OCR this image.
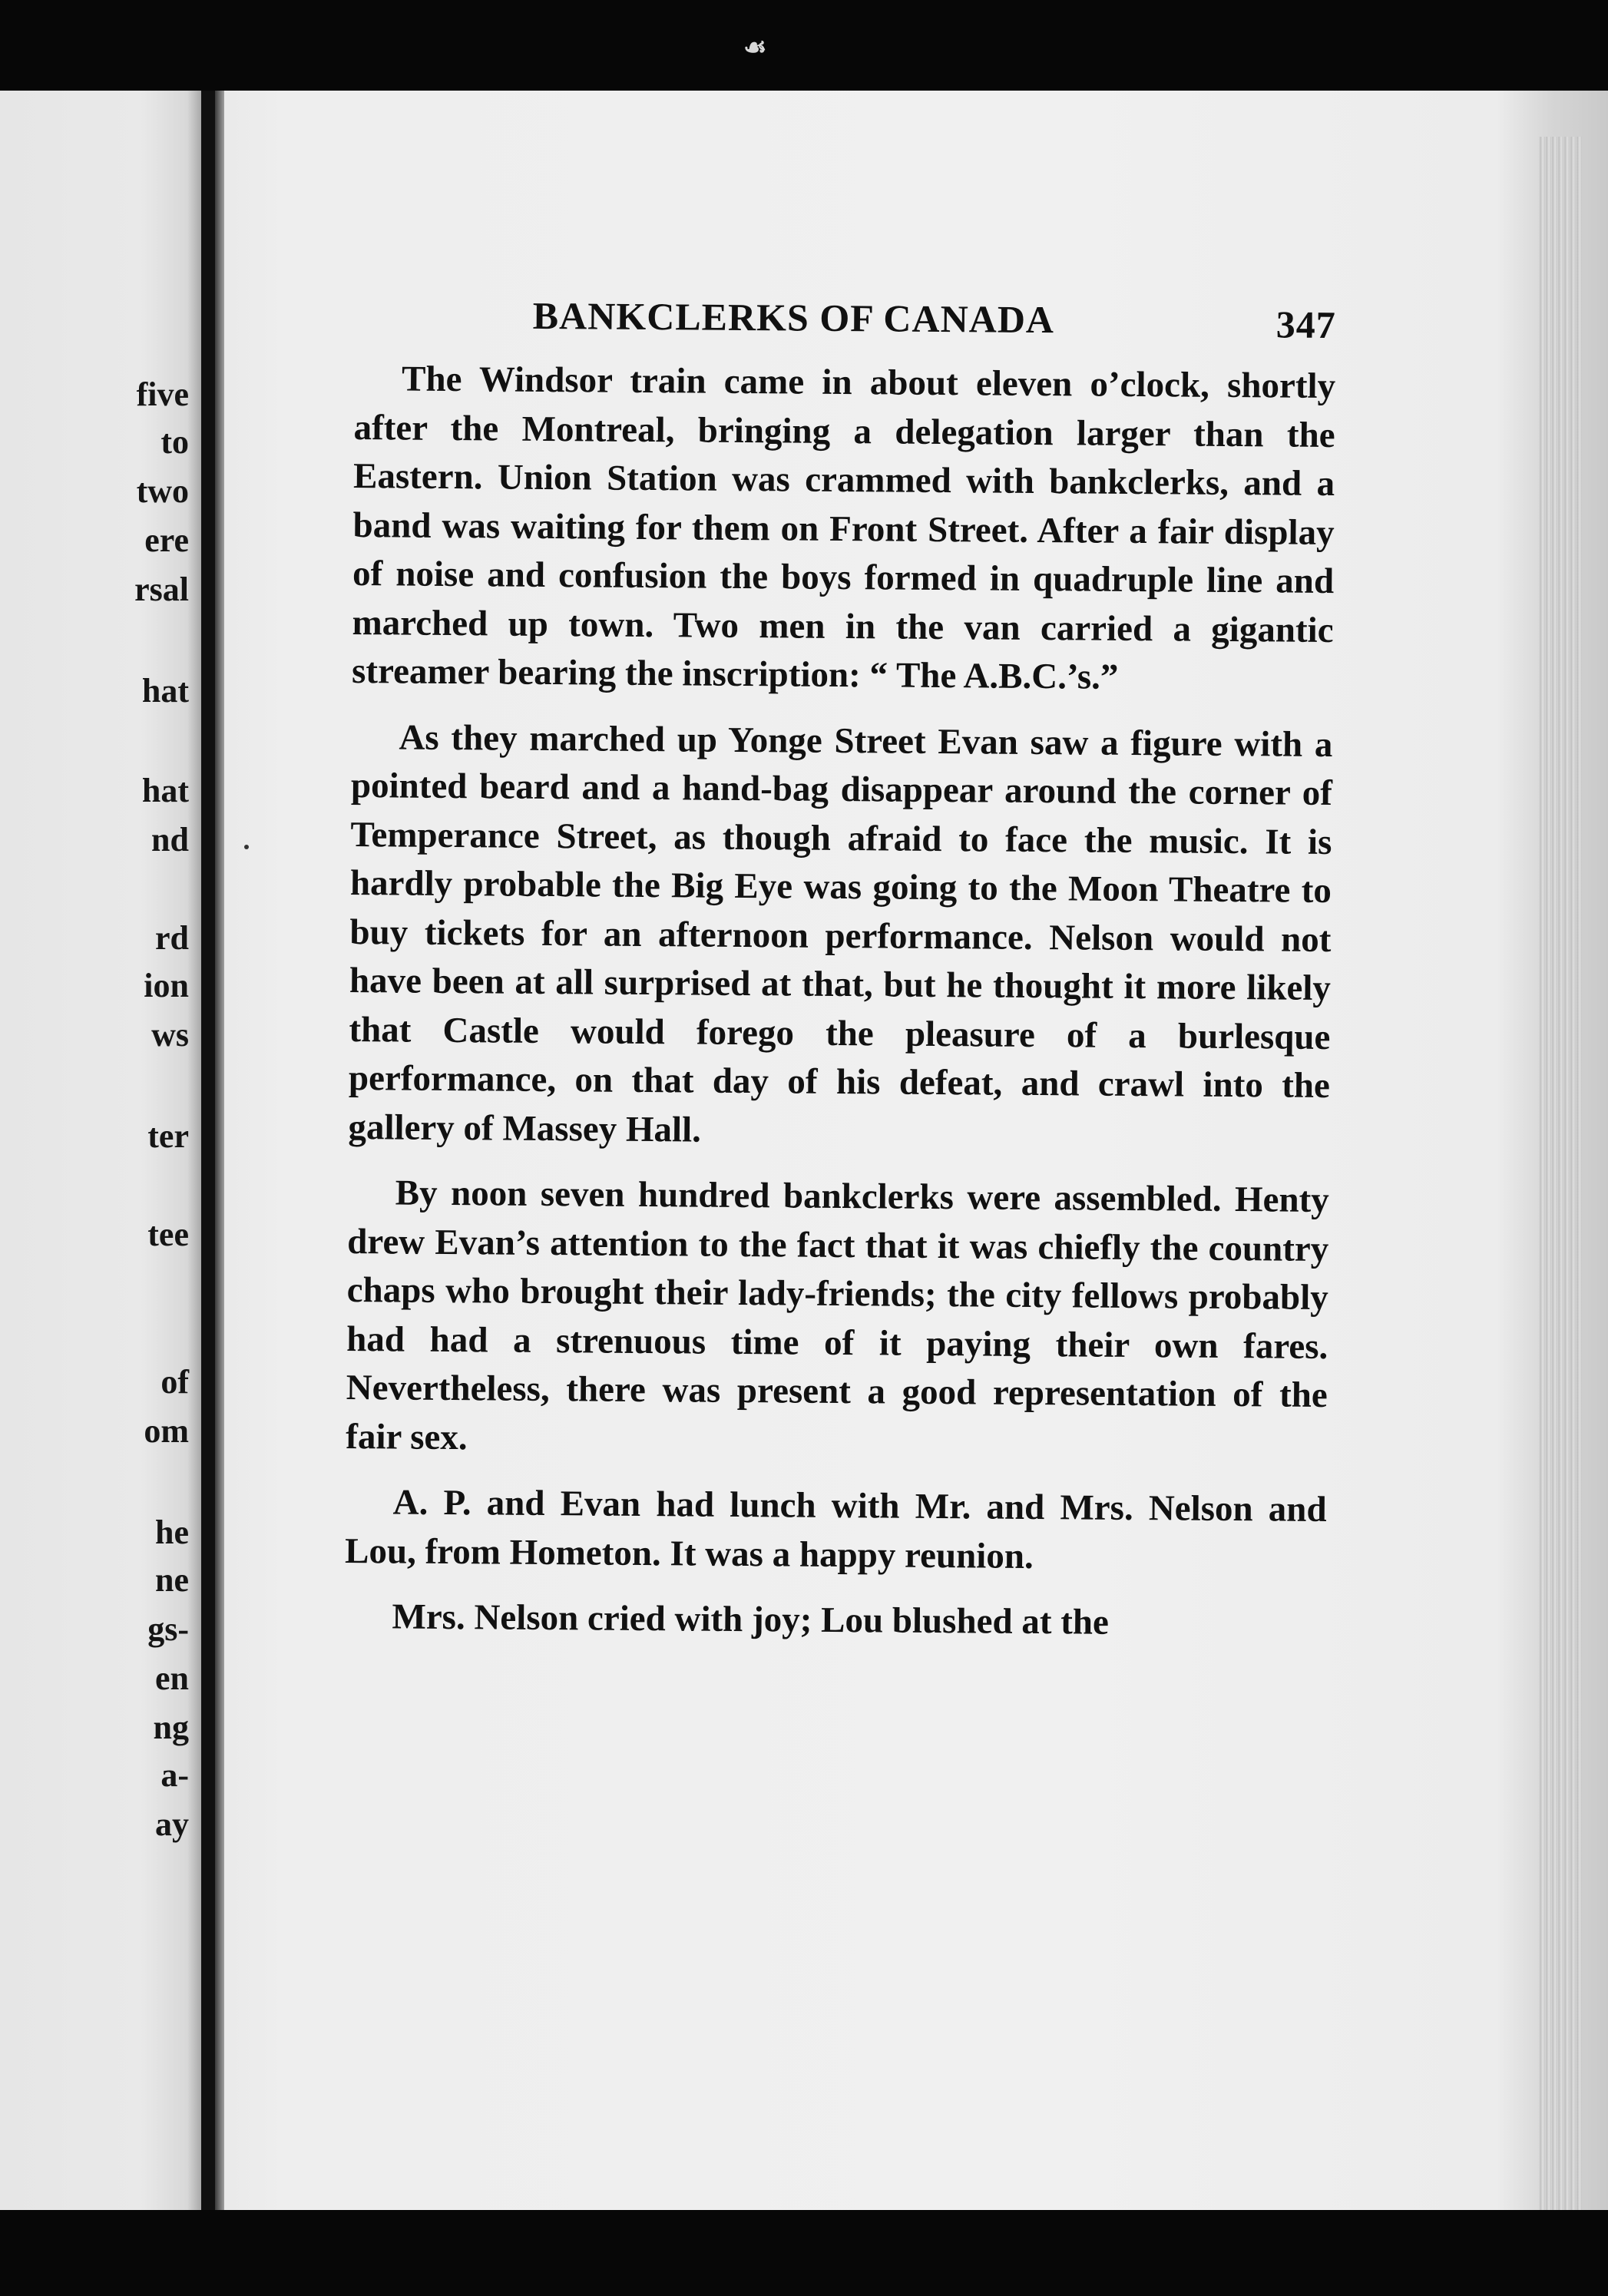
☙
five
to
two
ere
rsal
hat
hat
nd
rd
ion
ws
ter
tee
of
om
he
ne
gs-
en
ng
a-
ay
BANKCLERKS OF CANADA	347

The Windsor train came in about eleven o’clock, shortly after the Montreal, bringing a delegation larger than the Eastern. Union Station was crammed with bankclerks, and a band was waiting for them on Front Street. After a fair display of noise and confusion the boys formed in quadruple line and marched up town. Two men in the van carried a gigantic streamer bearing the inscription: “ The A.B.C.’s.”

As they marched up Yonge Street Evan saw a figure with a pointed beard and a hand-bag disappear around the corner of Temperance Street, as though afraid to face the music. It is hardly probable the Big Eye was going to the Moon Theatre to buy tickets for an afternoon performance. Nelson would not have been at all surprised at that, but he thought it more likely that Castle would forego the pleasure of a burlesque performance, on that day of his defeat, and crawl into the gallery of Massey Hall.

By noon seven hundred bankclerks were assembled. Henty drew Evan’s attention to the fact that it was chiefly the country chaps who brought their lady-friends; the city fellows probably had had a strenuous time of it paying their own fares. Nevertheless, there was present a good representation of the fair sex.

A. P. and Evan had lunch with Mr. and Mrs. Nelson and Lou, from Hometon. It was a happy reunion.

Mrs. Nelson cried with joy; Lou blushed at the
